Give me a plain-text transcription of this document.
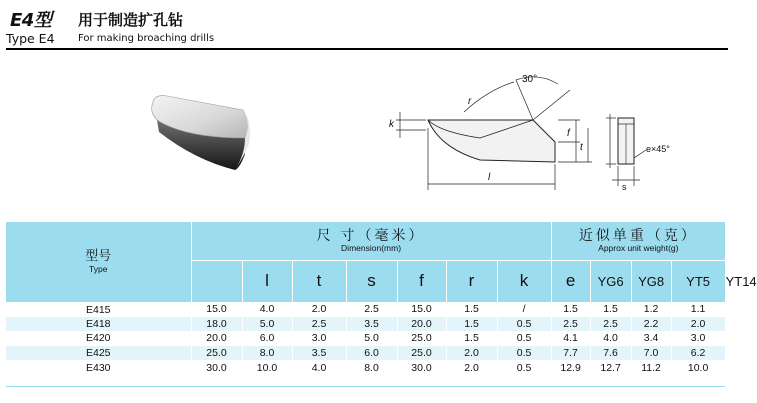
E4型 用于制造扩孔钻
Type E4 For making broaching drills
30°
r
k
f
t
l
e×45°
s
型号
Type	尺 寸（毫米）
Dimension(mm)							近似单重（克）
Approx unit weight(g)				

		l	t	s	f	r	k	e	YG6	YG8	YT5	YT14
E415	15.0	4.0	2.0	2.5	15.0	1.5	/	1.5	1.5	1.2	1.1	
E418	18.0	5.0	2.5	3.5	20.0	1.5	0.5	2.5	2.5	2.2	2.0	
E420	20.0	6.0	3.0	5.0	25.0	1.5	0.5	4.1	4.0	3.4	3.0	
E425	25.0	8.0	3.5	6.0	25.0	2.0	0.5	7.7	7.6	7.0	6.2	
E430	30.0	10.0	4.0	8.0	30.0	2.0	0.5	12.9	12.7	11.2	10.0	
